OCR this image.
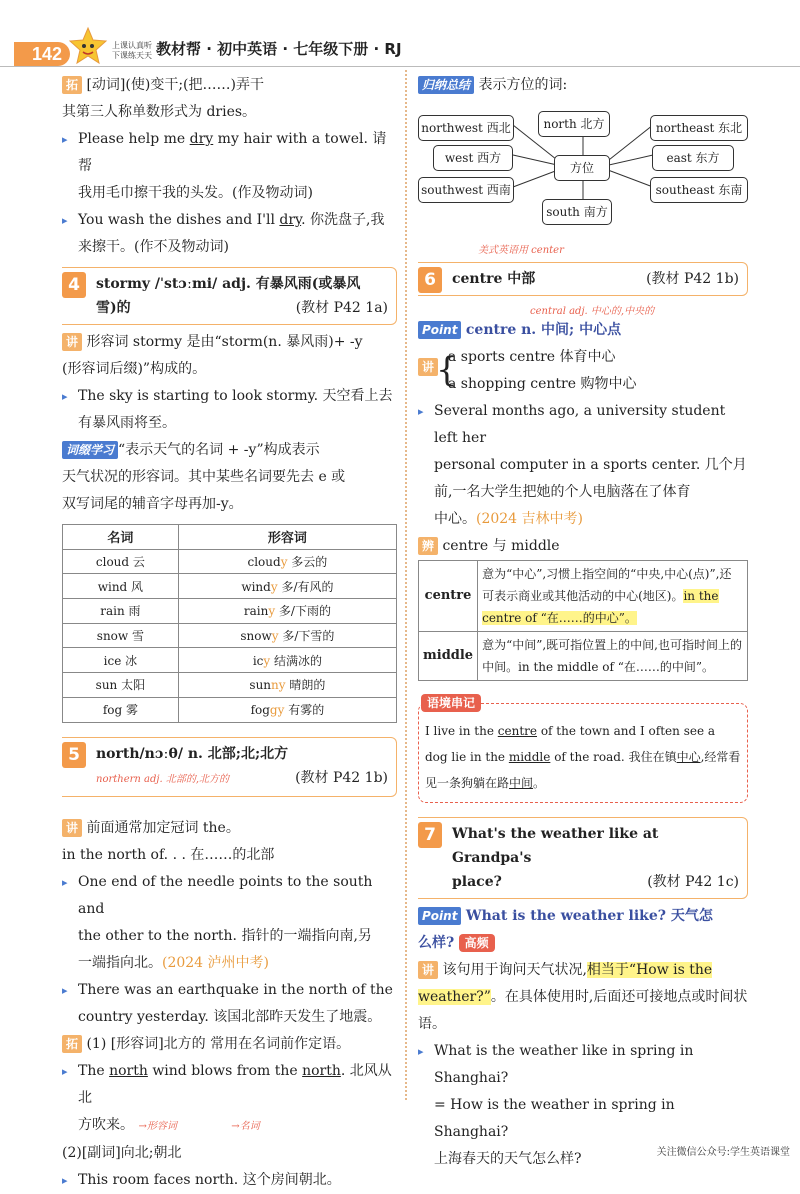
142	上课认真听
下课练天天 教材帮 · 初中英语 · 七年级下册 · RJ

拓 [动词](使)变干;(把……)弄干

其第三人称单数形式为 dries。

▸ Please help me dry my hair with a towel. 请帮
我用毛巾擦干我的头发。(作及物动词)
▸ You wash the dishes and I'll dry. 你洗盘子,我
来擦干。(作不及物动词)
4	stormy /ˈstɔːmi/ adj. 有暴风雨(或暴风
雪)的	(教材 P42 1a)

讲 形容词 stormy 是由“storm(n. 暴风雨)+ -y

(形容词后缀)”构成的。

▸ The sky is starting to look stormy. 天空看上去
有暴风雨将至。

词缀学习 “表示天气的名词 + -y”构成表示

天气状况的形容词。其中某些名词要先去 e 或

双写词尾的辅音字母再加-y。

名词	形容词
cloud 云	cloudy 多云的
wind 风	windy 多/有风的
rain 雨	rainy 多/下雨的
snow 雪	snowy 多/下雪的
ice 冰	icy 结满冰的
sun 太阳	sunny 晴朗的
fog 雾	foggy 有雾的
5	north/nɔːθ/ n. 北部;北;北方
northern adj. 北部的,北方的	(教材 P42 1b)

讲 前面通常加定冠词 the。

in the north of. . . 在……的北部

▸ One end of the needle points to the south and
the other to the north. 指针的一端指向南,另
一端指向北。(2024 泸州中考)
▸ There was an earthquake in the north of the
country yesterday. 该国北部昨天发生了地震。

拓 (1) [形容词]北方的 常用在名词前作定语。

▸ The north wind blows from the north. 北风从北
方吹来。 →形容词	→名词

(2)[副词]向北;朝北

▸ This room faces north. 这个房间朝北。

归纳总结 表示方位的词:

north 北方
northwest 西北	northeast 东北
方位
west 西方	east 东方
southwest 西南	southeast 东南
south 南方
美式英语用 center
6	centre 中部	(教材 P42 1b)
central adj. 中心的,中央的

Point centre n. 中间; 中心点

讲 {

a sports centre 体育中心

a shopping centre 购物中心

▸ Several months ago, a university student left her
personal computer in a sports center. 几个月
前,一名大学生把她的个人电脑落在了体育
中心。(2024 吉林中考)

辨 centre 与 middle

centre	意为“中心”,习惯上指空间的“中央,中心(点)”,还可表示商业或其他活动的中心(地区)。in the centre of “在……的中心”。
middle	意为“中间”,既可指位置上的中间,也可指时间上的中间。in the middle of “在……的中间”。
语境串记
I live in the centre of the town and I often see a dog lie in the middle of the road. 我住在镇中心,经常看见一条狗躺在路中间。
7	What's the weather like at Grandpa's
place?	(教材 P42 1c)

Point What is the weather like? 天气怎

么样? 高频

讲 该句用于询问天气状况,相当于“How is the weather?”。在具体使用时,后面还可接地点或时间状语。

▸ What is the weather like in spring in Shanghai?
= How is the weather in spring in Shanghai?
上海春天的天气怎么样?	关注微信公众号:学生英语课堂
